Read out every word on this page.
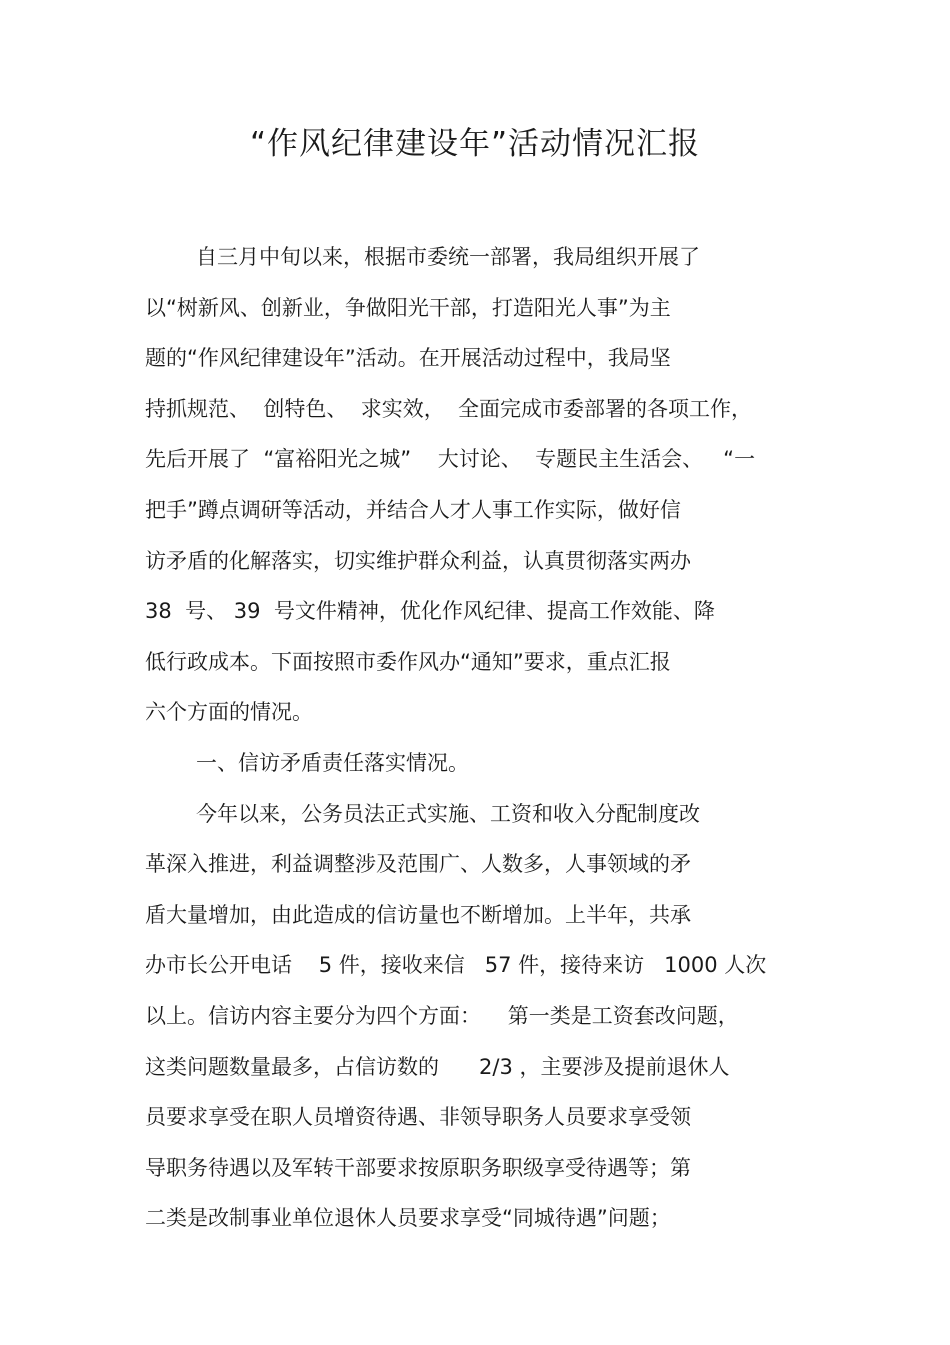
“作风纪律建设年”活动情况汇报
自三月中旬以来，根据市委统一部署，我局组织开展了
以“树新风、创新业，争做阳光干部，打造阳光人事”为主
题的“作风纪律建设年”活动。在开展活动过程中，我局坚
持抓规范、  创特色、  求实效，  全面完成市委部署的各项工作，
先后开展了  “富裕阳光之城”    大讨论、  专题民主生活会、   “一
把手”蹲点调研等活动，并结合人才人事工作实际，做好信
访矛盾的化解落实，切实维护群众利益，认真贯彻落实两办
38  号、 39  号文件精神，优化作风纪律、提高工作效能、降
低行政成本。下面按照市委作风办“通知”要求，重点汇报
六个方面的情况。
一、信访矛盾责任落实情况。
今年以来，公务员法正式实施、工资和收入分配制度改
革深入推进，利益调整涉及范围广、人数多，人事领域的矛
盾大量增加，由此造成的信访量也不断增加。上半年，共承
办市长公开电话    5 件，接收来信   57 件，接待来访   1000 人次
以上。信访内容主要分为四个方面：    第一类是工资套改问题，
这类问题数量最多，占信访数的      2/3 ，主要涉及提前退休人
员要求享受在职人员增资待遇、非领导职务人员要求享受领
导职务待遇以及军转干部要求按原职务职级享受待遇等；第
二类是改制事业单位退休人员要求享受“同城待遇”问题；
